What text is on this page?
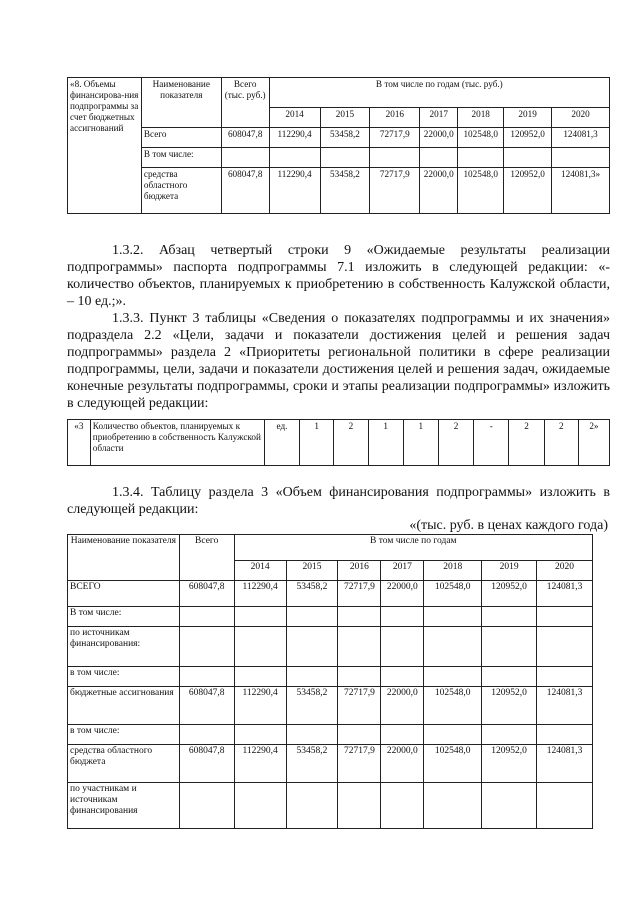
«8. Объемы финансирова-ния подпрограммы за счет бюджетных ассигнований	Наименование показателя	Всего (тыс. руб.)	В том числе по годам (тыс. руб.)						
			2014	2015	2016	2017	2018	2019	2020
	Всего	608047,8	112290,4	53458,2	72717,9	22000,0	102548,0	120952,0	124081,3
	В том числе:								
	средства областного бюджета	608047,8	112290,4	53458,2	72717,9	22000,0	102548,0	120952,0	124081,3»
1.3.2. Абзац четвертый строки 9 «Ожидаемые результаты реализации подпрограммы» паспорта подпрограммы 7.1 изложить в следующей редакции: «- количество объектов, планируемых к приобретению в собственность Калужской области, – 10 ед.;».
1.3.3. Пункт 3 таблицы «Сведения о показателях подпрограммы и их значения» подраздела 2.2 «Цели, задачи и показатели достижения целей и решения задач подпрограммы» раздела 2 «Приоритеты региональной политики в сфере реализации подпрограммы, цели, задачи и показатели достижения целей и решения задач, ожидаемые конечные результаты подпрограммы, сроки и этапы реализации подпрограммы» изложить в следующей редакции:
«3	Количество объектов, планируемых к приобретению в собственность Калужской области	ед.	1	2	1	1	2	-	2	2	2»
1.3.4. Таблицу раздела 3 «Объем финансирования подпрограммы» изложить в следующей редакции:
«(тыс. руб. в ценах каждого года)
Наименование показателя	Всего	В том числе по годам						
		2014	2015	2016	2017	2018	2019	2020
ВСЕГО	608047,8	112290,4	53458,2	72717,9	22000,0	102548,0	120952,0	124081,3
В том числе:								
по источникам финансирования:								
в том числе:								
бюджетные ассигнования	608047,8	112290,4	53458,2	72717,9	22000,0	102548,0	120952,0	124081,3
в том числе:								
средства областного бюджета	608047,8	112290,4	53458,2	72717,9	22000,0	102548,0	120952,0	124081,3
по участникам и источникам финансирования								
